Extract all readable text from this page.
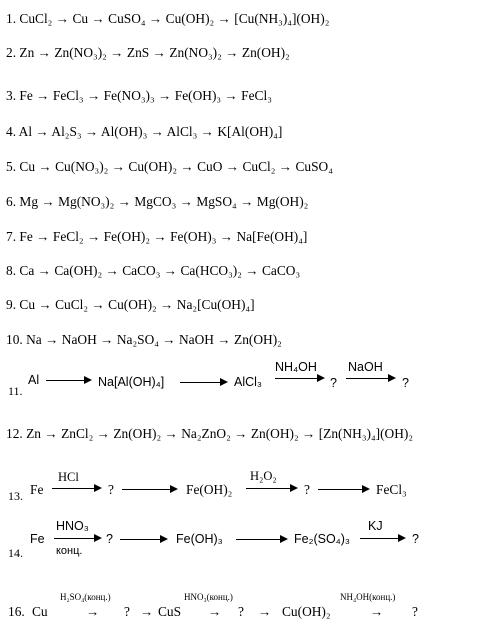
1. CuCl₂ → Cu → CuSO₄ → Cu(OH)₂ → [Cu(NH₃)₄](OH)₂
2. Zn → Zn(NO₃)₂ → ZnS → Zn(NO₃)₂ → Zn(OH)₂
3. Fe → FeCl₃ → Fe(NO₃)₃ → Fe(OH)₃ → FeCl₃
4. Al → Al₂S₃ → Al(OH)₃ → AlCl₃ → K[Al(OH)₄]
5. Cu → Cu(NO₃)₂ → Cu(OH)₂ → CuO → CuCl₂ → CuSO₄
6. Mg → Mg(NO₃)₂ → MgCO₃ → MgSO₄ → Mg(OH)₂
7. Fe → FeCl₂ → Fe(OH)₂ → Fe(OH)₃ → Na[Fe(OH)₄]
8. Ca → Ca(OH)₂ → CaCO₃ → Ca(HCO₃)₂ → CaCO₃
9. Cu → CuCl₂ → Cu(OH)₂ → Na₂[Cu(OH)₄]
10. Na → NaOH → Na₂SO₄ → NaOH → Zn(OH)₂
12. Zn → ZnCl₂ → Zn(OH)₂ → Na₂ZnO₂ → Zn(OH)₂ → [Zn(NH₃)₄](OH)₂
11.
Al	Na[Al(OH)₄]	AlCl₃
NH₄OH
?
NaOH
?
13. Fe
HCl
?	Fe(OH)₂
H₂O₂
?	FeCl₃
14.
Fe
HNO₃
конц.
?	Fe(OH)₃	Fe₂(SO₄)₃
KJ
?
16. Cu
H₂SO₄(конц.)
→ ? → CuS
HNO₃(конц.)
→ ? → Cu(OH)₂
NH₄OH(конц.)
→ ?
